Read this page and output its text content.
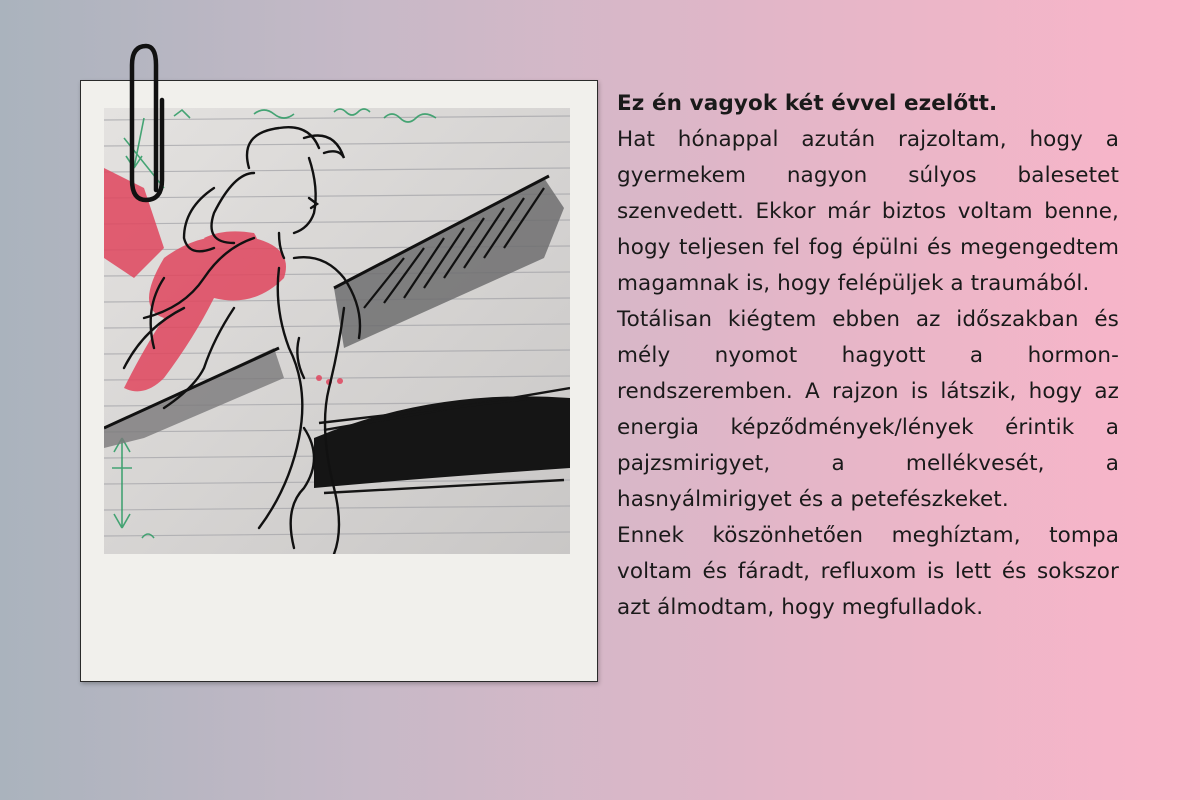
Ez én vagyok két évvel ezelőtt.

Hat hónappal azután rajzoltam, hogy a gyermekem nagyon súlyos balesetet szenvedett. Ekkor már biztos voltam benne, hogy teljesen fel fog épülni és megengedtem magamnak is, hogy felépüljek a traumából.

Totálisan kiégtem ebben az időszakban és mély nyomot hagyott a hormon-rendszeremben. A rajzon is látszik, hogy az energia képződmények/lények érintik a pajzsmirigyet, a mellékvesét, a hasnyálmirigyet és a petefészkeket.

Ennek köszönhetően meghíztam, tompa voltam és fáradt, refluxom is lett és sokszor azt álmodtam, hogy megfulladok.
